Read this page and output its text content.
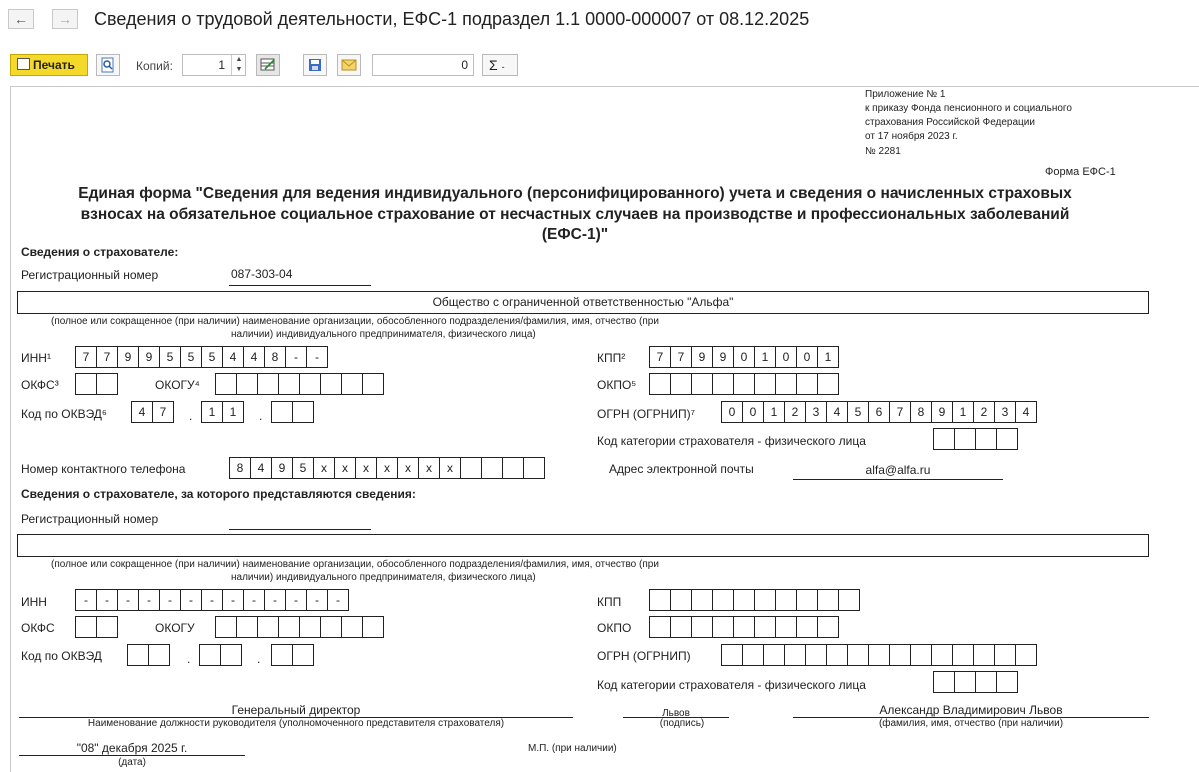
←	→	Сведения о трудовой деятельности, ЕФС-1 подраздел 1.1 0000-000007 от 08.12.2025
Печать	Копий:	1	▲
▼	0	Σ -
Приложение № 1
к приказу Фонда пенсионного и социального
страхования Российской Федерации
от 17 ноября 2023 г.
№ 2281
Форма ЕФС-1
Единая форма "Сведения для ведения индивидуального (персонифицированного) учета и сведения о начисленных страховых
взносах на обязательное социальное страхование от несчастных случаев на производстве и профессиональных заболеваний
(ЕФС-1)"
Сведения о страхователе:
Регистрационный номер	087-303-04
Общество с ограниченной ответственностью "Альфа"
(полное или сокращенное (при наличии) наименование организации, обособленного подразделения/фамилия, имя, отчество (при
наличии) индивидуального предпринимателя, физического лица)
ИНН¹	7	7	9	9	5	5	5	4	4	8	-	-	КПП²	7	7	9	9	0	1	0	0	1
ОКФС³	ОКОГУ⁴	ОКПО⁵
Код по ОКВЭД⁶	4	7	.	1	1	.	ОГРН (ОГРНИП)⁷	0	0	1	2	3	4	5	6	7	8	9	1	2	3	4
Код категории страхователя - физического лица
Номер контактного телефона	8	4	9	5	x	x	x	x	x	x	x	Адрес электронной почты	$^{alfa@alfa.ru}$
Сведения о страхователе, за которого представляются сведения:
Регистрационный номер
(полное или сокращенное (при наличии) наименование организации, обособленного подразделения/фамилия, имя, отчество (при
наличии) индивидуального предпринимателя, физического лица)
ИНН	-	-	-	-	-	-	-	-	-	-	-	-	-	КПП
ОКФС	ОКОГУ	ОКПО
Код по ОКВЭД	.	.	ОГРН (ОГРНИП)
Код категории страхователя - физического лица
Генеральный директор
Наименование должности руководителя (уполномоченного представителя страхователя)
Львов
(подпись)
Александр Владимирович Львов
(фамилия, имя, отчество (при наличии)
"08" декабря 2025 г.
(дата)
М.П. (при наличии)
